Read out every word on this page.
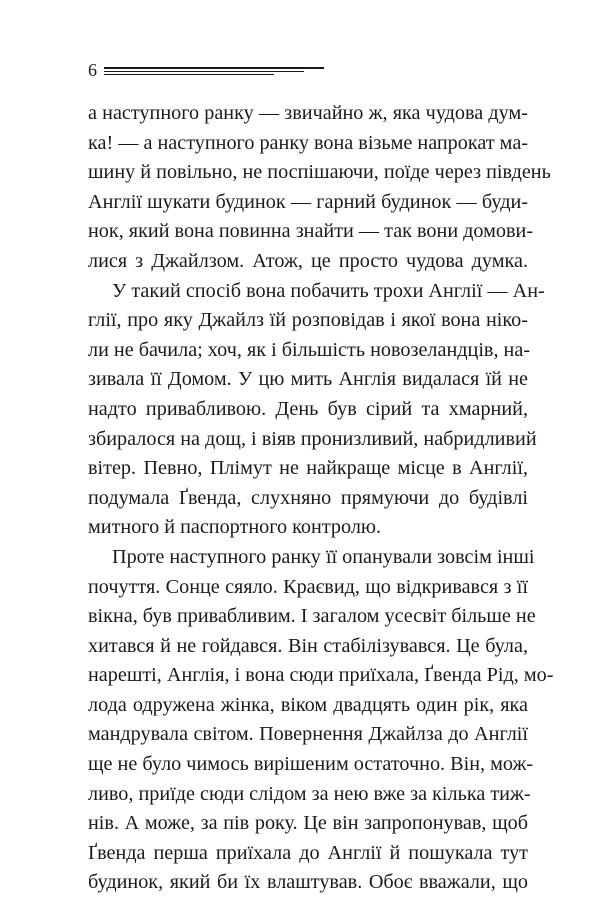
6

а наступного ранку — звичайно ж, яка чудова дум-
ка! — а наступного ранку вона візьме напрокат ма-
шину й повільно, не поспішаючи, поїде через південь
Англії шукати будинок — гарний будинок — буди-
нок, який вона повинна знайти — так вони домови-
лися з Джайлзом. Атож, це просто чудова думка.

У такий спосіб вона побачить трохи Англії — Ан-
глії, про яку Джайлз їй розповідав і якої вона ніко-
ли не бачила; хоч, як і більшість новозеландців, на-
зивала її Домом. У цю мить Англія видалася їй не
надто привабливою. День був сірий та хмарний,
збиралося на дощ, і віяв пронизливий, набридливий
вітер. Певно, Плімут не найкраще місце в Англії,
подумала Ґвенда, слухняно прямуючи до будівлі
митного й паспортного контролю.

Проте наступного ранку її опанували зовсім інші
почуття. Сонце сяяло. Краєвид, що відкривався з її
вікна, був привабливим. І загалом усесвіт більше не
хитався й не гойдався. Він стабілізувався. Це була,
нарешті, Англія, і вона сюди приїхала, Ґвенда Рід, мо-
лода одружена жінка, віком двадцять один рік, яка
мандрувала світом. Повернення Джайлза до Англії
ще не було чимось вирішеним остаточно. Він, мож-
ливо, приїде сюди слідом за нею вже за кілька тиж-
нів. А може, за пів року. Це він запропонував, щоб
Ґвенда перша приїхала до Англії й пошукала тут
будинок, який би їх влаштував. Обоє вважали, що
